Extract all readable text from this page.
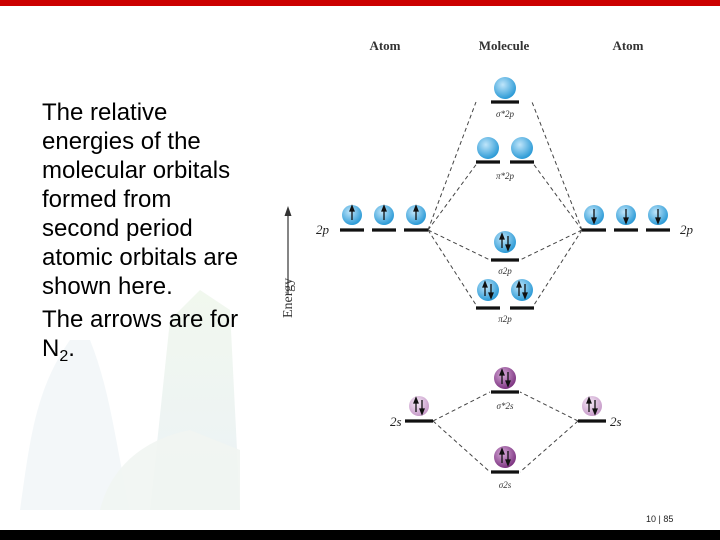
The relative energies of the molecular orbitals formed from second period atomic orbitals are shown here.

The arrows are for $N_2$.

Atom	Molecule	Atom
Energy
2p	2p
2s	2s
σ*2p
π*2p
σ2p
π2p
σ*2s
σ2s
10 | 85
